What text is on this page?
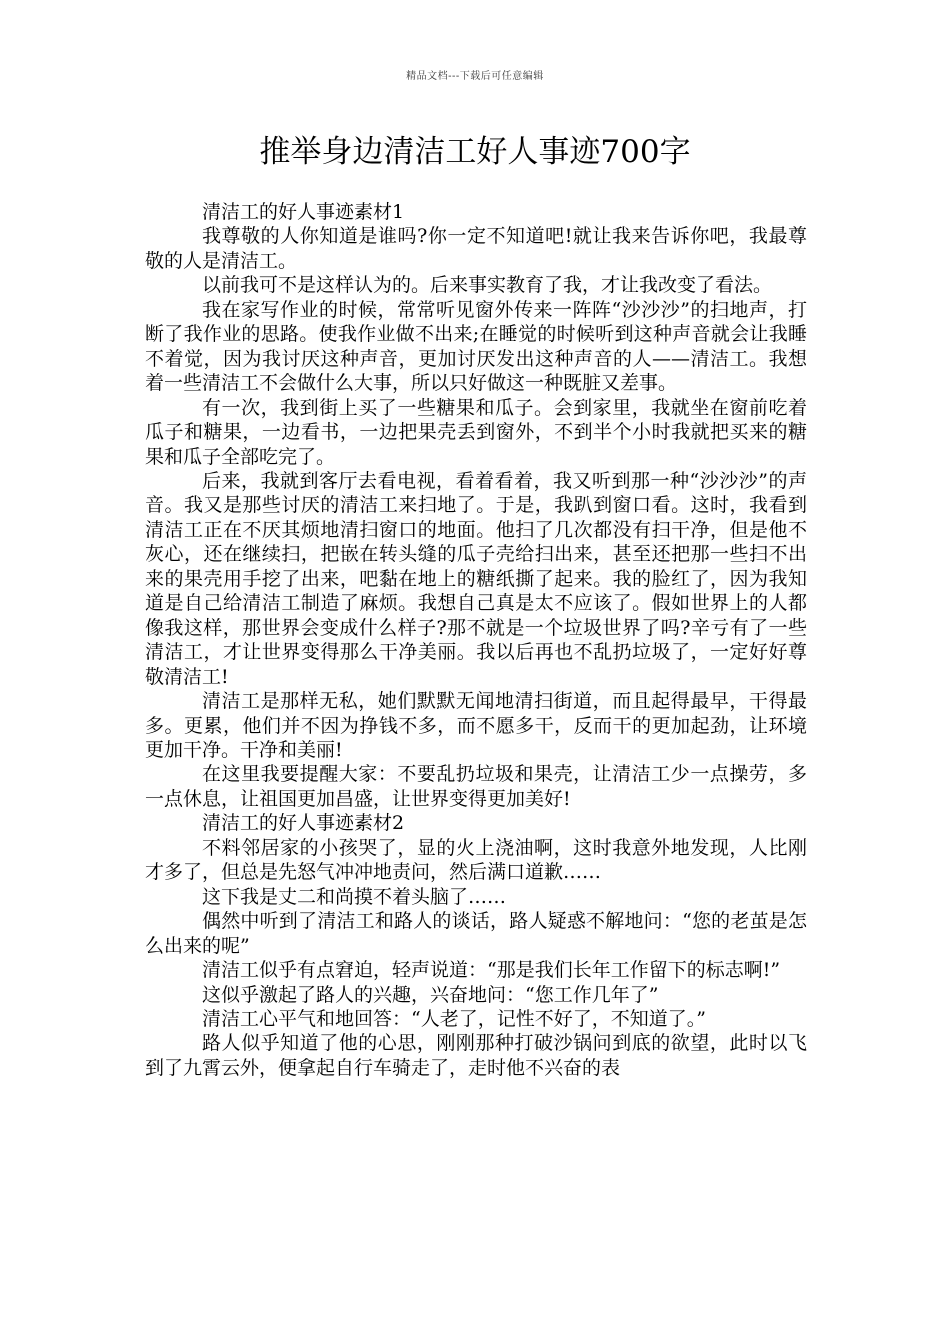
精品文档---下载后可任意编辑
推举身边清洁工好人事迹700字

清洁工的好人事迹素材1

我尊敬的人你知道是谁吗?你一定不知道吧!就让我来告诉你吧，我最尊敬的人是清洁工。

以前我可不是这样认为的。后来事实教育了我，才让我改变了看法。

我在家写作业的时候，常常听见窗外传来一阵阵“沙沙沙”的扫地声，打断了我作业的思路。使我作业做不出来;在睡觉的时候听到这种声音就会让我睡不着觉，因为我讨厌这种声音，更加讨厌发出这种声音的人——清洁工。我想着一些清洁工不会做什么大事，所以只好做这一种既脏又差事。

有一次，我到街上买了一些糖果和瓜子。会到家里，我就坐在窗前吃着瓜子和糖果，一边看书，一边把果壳丢到窗外，不到半个小时我就把买来的糖果和瓜子全部吃完了。

后来，我就到客厅去看电视，看着看着，我又听到那一种“沙沙沙”的声音。我又是那些讨厌的清洁工来扫地了。于是，我趴到窗口看。这时，我看到清洁工正在不厌其烦地清扫窗口的地面。他扫了几次都没有扫干净，但是他不灰心，还在继续扫，把嵌在转头缝的瓜子壳给扫出来，甚至还把那一些扫不出来的果壳用手挖了出来，吧黏在地上的糖纸撕了起来。我的脸红了，因为我知道是自己给清洁工制造了麻烦。我想自己真是太不应该了。假如世界上的人都像我这样，那世界会变成什么样子?那不就是一个垃圾世界了吗?辛亏有了一些清洁工，才让世界变得那么干净美丽。我以后再也不乱扔垃圾了，一定好好尊敬清洁工!

清洁工是那样无私，她们默默无闻地清扫街道，而且起得最早，干得最多。更累，他们并不因为挣钱不多，而不愿多干，反而干的更加起劲，让环境更加干净。干净和美丽!

在这里我要提醒大家：不要乱扔垃圾和果壳，让清洁工少一点操劳，多一点休息，让祖国更加昌盛，让世界变得更加美好!

清洁工的好人事迹素材2

不料邻居家的小孩哭了，显的火上浇油啊，这时我意外地发现，人比刚才多了，但总是先怒气冲冲地责问，然后满口道歉……

这下我是丈二和尚摸不着头脑了……

偶然中听到了清洁工和路人的谈话，路人疑惑不解地问：“您的老茧是怎么出来的呢”

清洁工似乎有点窘迫，轻声说道：“那是我们长年工作留下的标志啊!”

这似乎激起了路人的兴趣，兴奋地问：“您工作几年了”

清洁工心平气和地回答：“人老了，记性不好了，不知道了。”

路人似乎知道了他的心思，刚刚那种打破沙锅问到底的欲望，此时以飞到了九霄云外，便拿起自行车骑走了，走时他不兴奋的表
